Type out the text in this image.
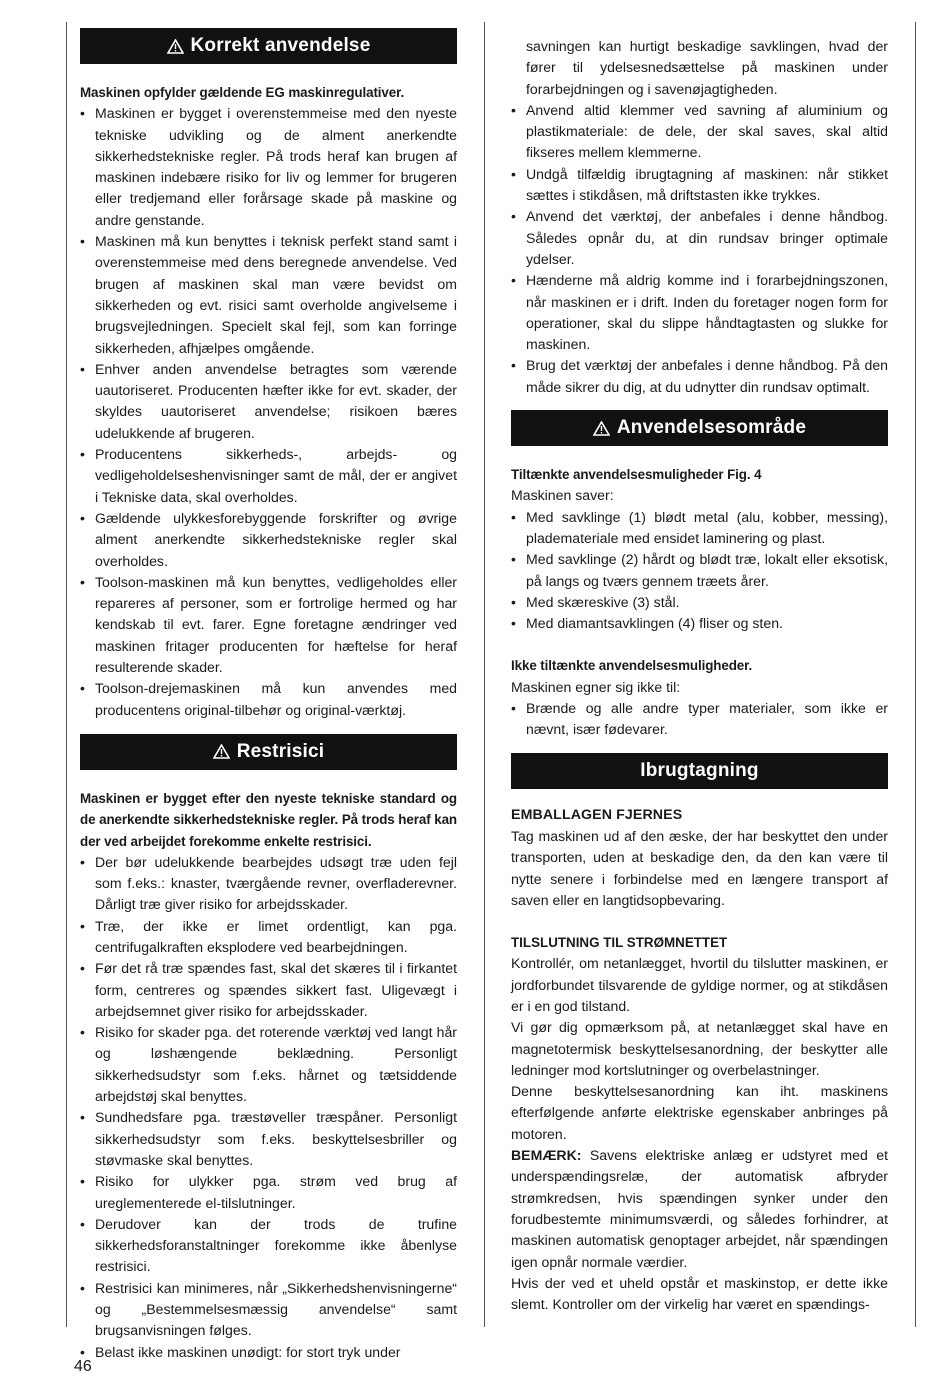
Korrekt anvendelse

Maskinen opfylder gældende EG maskinregulativer.

• Maskinen er bygget i overenstemmeise med den nyeste tekniske udvikling og de alment anerkendte sikkerhedstekniske regler. På trods heraf kan brugen af maskinen indebære risiko for liv og lemmer for brugeren eller tredjemand eller forårsage skade på maskine og andre genstande.
• Maskinen må kun benyttes i teknisk perfekt stand samt i overenstemmeise med dens beregnede anvendelse. Ved brugen af maskinen skal man være bevidst om sikkerheden og evt. risici samt overholde angivelseme i brugsvejledningen. Specielt skal fejl, som kan forringe sikkerheden, afhjælpes omgående.
• Enhver anden anvendelse betragtes som værende uautoriseret. Producenten hæfter ikke for evt. skader, der skyldes uautoriseret anvendelse; risikoen bæres udelukkende af brugeren.
• Producentens sikkerheds-, arbejds- og vedligeholdelseshenvisninger samt de mål, der er angivet i Tekniske data, skal overholdes.
• Gældende ulykkesforebyggende forskrifter og øvrige alment anerkendte sikkerhedstekniske regler skal overholdes.
• Toolson-maskinen må kun benyttes, vedligeholdes eller repareres af personer, som er fortrolige hermed og har kendskab til evt. farer. Egne foretagne ændringer ved maskinen fritager producenten for hæftelse for heraf resulterende skader.
• Toolson-drejemaskinen må kun anvendes med producentens original-tilbehør og original-værktøj.
Restrisici

Maskinen er bygget efter den nyeste tekniske standard og de anerkendte sikkerhedstekniske regler. På trods heraf kan der ved arbeijdet forekomme enkelte restrisici.

• Der bør udelukkende bearbejdes udsøgt træ uden fejl som f.eks.: knaster, tværgående revner, overfladerevner. Dårligt træ giver risiko for arbejdsskader.
• Træ, der ikke er limet ordentligt, kan pga. centrifugalkraften eksplodere ved bearbejdningen.
• Før det rå træ spændes fast, skal det skæres til i firkantet form, centreres og spændes sikkert fast. Uligevægt i arbejdsemnet giver risiko for arbejdsskader.
• Risiko for skader pga. det roterende værktøj ved langt hår og løshængende beklædning. Personligt sikkerhedsudstyr som f.eks. hårnet og tætsiddende arbejdstøj skal benyttes.
• Sundhedsfare pga. træstøveller træspåner. Personligt sikkerhedsudstyr som f.eks. beskyttelsesbriller og støvmaske skal benyttes.
• Risiko for ulykker pga. strøm ved brug af ureglementerede el-tilslutninger.
• Derudover kan der trods de trufine sikkerhedsforanstaltninger forekomme ikke åbenlyse restrisici.
• Restrisici kan minimeres, når „Sikkerhedshenvisningerne“ og „Bestemmelsesmæssig anvendelse“ samt brugsanvisningen følges.
• Belast ikke maskinen unødigt: for stort tryk under
savningen kan hurtigt beskadige savklingen, hvad der fører til ydelsesnedsættelse på maskinen under forarbejdningen og i savenøjagtigheden.
• Anvend altid klemmer ved savning af aluminium og plastikmateriale: de dele, der skal saves, skal altid fikseres mellem klemmerne.
• Undgå tilfældig ibrugtagning af maskinen: når stikket sættes i stikdåsen, må driftstasten ikke trykkes.
• Anvend det værktøj, der anbefales i denne håndbog. Således opnår du, at din rundsav bringer optimale ydelser.
• Hænderne må aldrig komme ind i forarbejdningszonen, når maskinen er i drift. Inden du foretager nogen form for operationer, skal du slippe håndtagtasten og slukke for maskinen.
• Brug det værktøj der anbefales i denne håndbog. På den måde sikrer du dig, at du udnytter din rundsav optimalt.
Anvendelsesområde

Tiltænkte anvendelsesmuligheder Fig. 4

Maskinen saver:

• Med savklinge (1) blødt metal (alu, kobber, messing), plademateriale med ensidet laminering og plast.
• Med savklinge (2) hårdt og blødt træ, lokalt eller eksotisk, på langs og tværs gennem træets årer.
• Med skæreskive (3) stål.
• Med diamantsavklingen (4) fliser og sten.

Ikke tiltænkte anvendelsesmuligheder.

Maskinen egner sig ikke til:

• Brænde og alle andre typer materialer, som ikke er nævnt, især fødevarer.
Ibrugtagning

EMBALLAGEN FJERNES

Tag maskinen ud af den æske, der har beskyttet den under transporten, uden at beskadige den, da den kan være til nytte senere i forbindelse med en længere transport af saven eller en langtidsopbevaring.

TILSLUTNING TIL STRØMNETTET

Kontrollér, om netanlægget, hvortil du tilslutter maskinen, er jordforbundet tilsvarende de gyldige normer, og at stikdåsen er i en god tilstand.

Vi gør dig opmærksom på, at netanlægget skal have en magnetotermisk beskyttelsesanordning, der beskytter alle ledninger mod kortslutninger og overbelastninger.

Denne beskyttelsesanordning kan iht. maskinens efterfølgende anførte elektriske egenskaber anbringes på motoren.

BEMÆRK: Savens elektriske anlæg er udstyret med et underspændingsrelæ, der automatisk afbryder strømkredsen, hvis spændingen synker under den forudbestemte minimumsværdi, og således forhindrer, at maskinen automatisk genoptager arbejdet, når spændingen igen opnår normale værdier.

Hvis der ved et uheld opstår et maskinstop, er dette ikke slemt. Kontroller om der virkelig har været en spændings-

46
